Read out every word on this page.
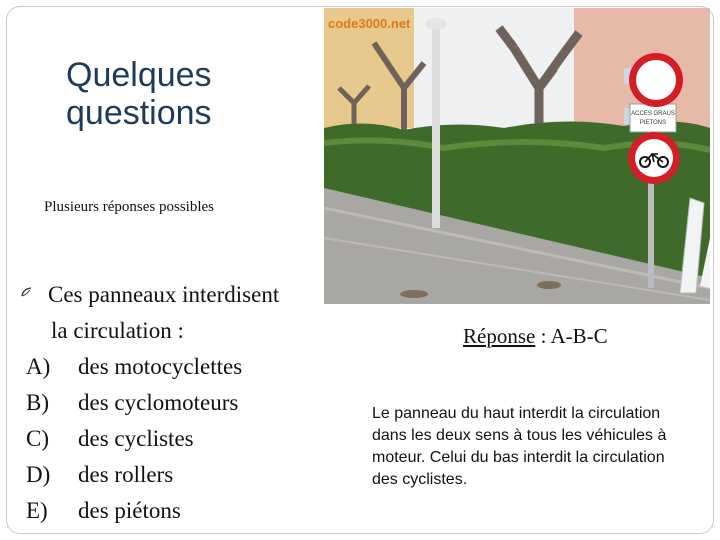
Quelques questions
Plusieurs réponses possibles
Ces panneaux interdisent
la circulation :
A) des motocyclettes
B) des cyclomoteurs
C) des cyclistes
D) des rollers
E) des piétons
ACCES GRAUS
PIETONS
code3000.net
Réponse : A-B-C
Le panneau du haut interdit la circulation dans les deux sens à tous les véhicules à moteur. Celui du bas interdit la circulation des cyclistes.
